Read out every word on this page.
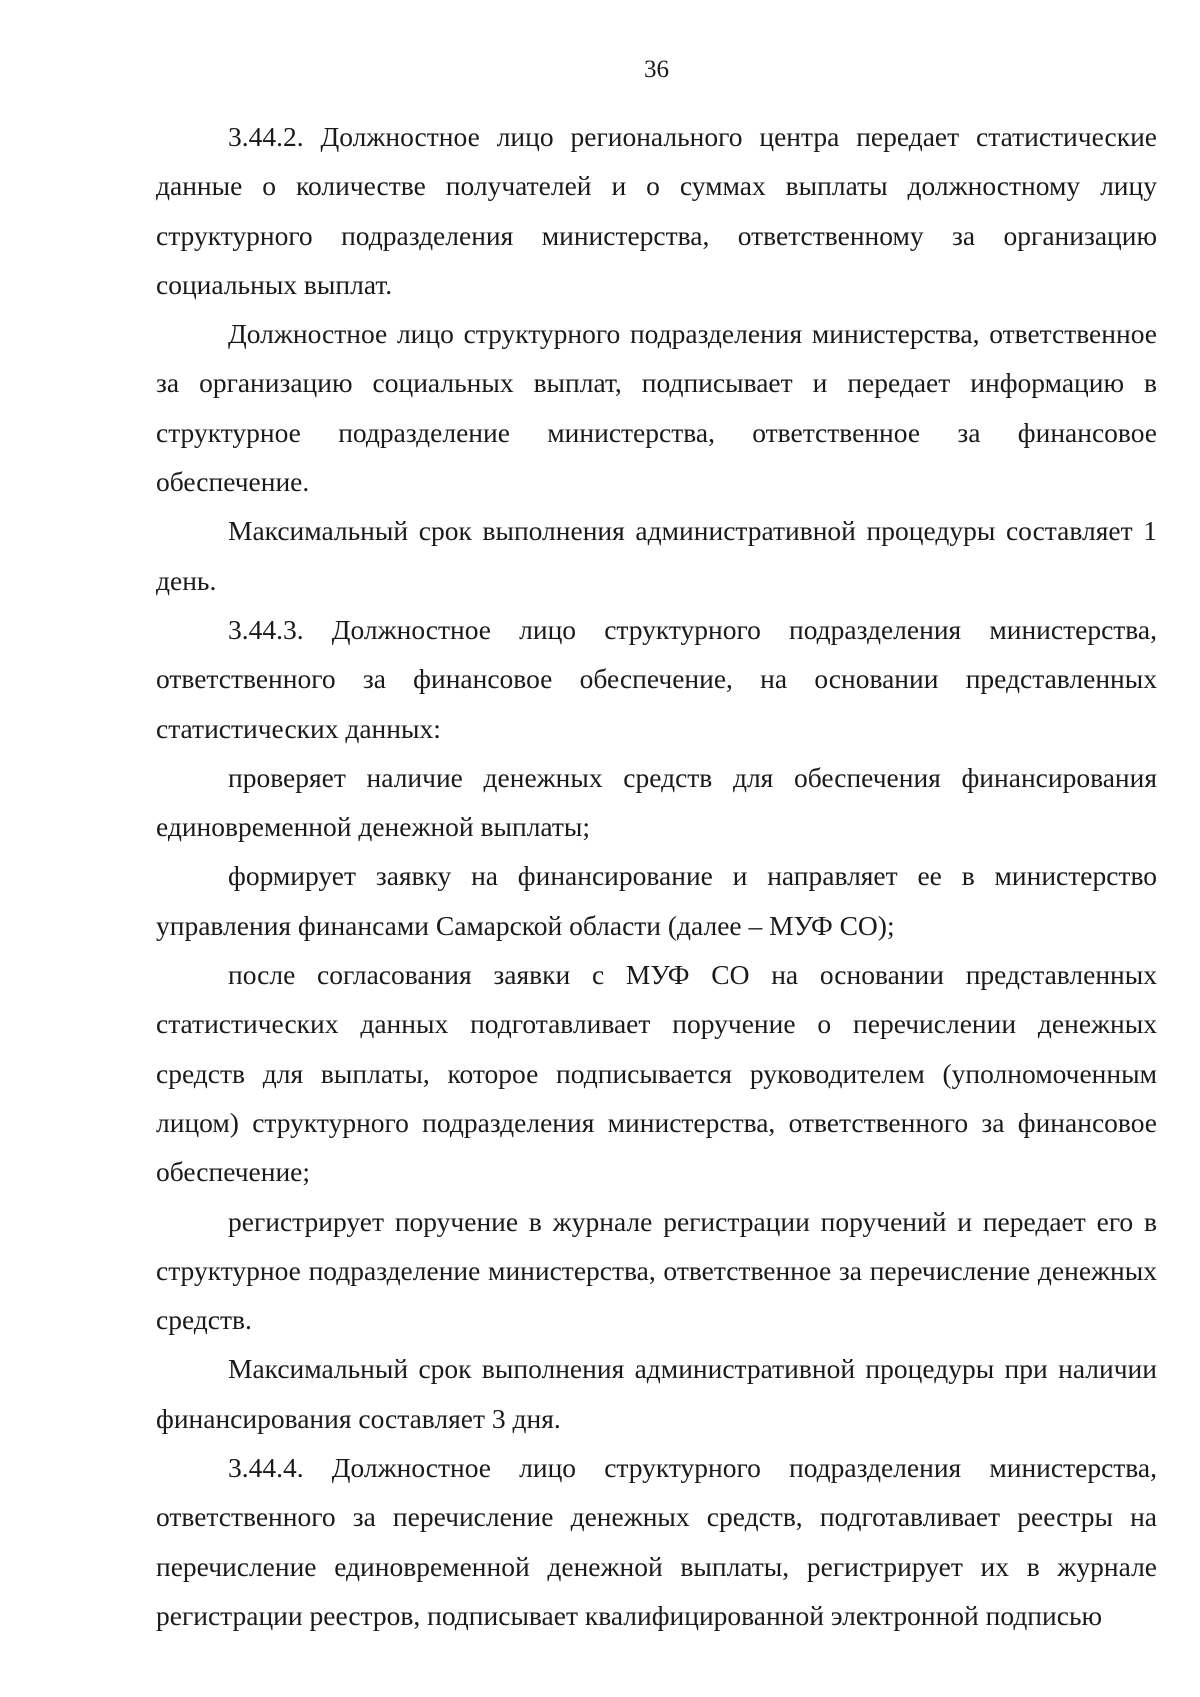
36

3.44.2. Должностное лицо регионального центра передает статистические данные о количестве получателей и о суммах выплаты должностному лицу структурного подразделения министерства, ответственному за организацию социальных выплат.

Должностное лицо структурного подразделения министерства, ответственное за организацию социальных выплат, подписывает и передает информацию в структурное подразделение министерства, ответственное за финансовое обеспечение.

Максимальный срок выполнения административной процедуры составляет 1 день.

3.44.3. Должностное лицо структурного подразделения министерства, ответственного за финансовое обеспечение, на основании представленных статистических данных:

проверяет наличие денежных средств для обеспечения финансирования единовременной денежной выплаты;

формирует заявку на финансирование и направляет ее в министерство управления финансами Самарской области (далее – МУФ СО);

после согласования заявки с МУФ СО на основании представленных статистических данных подготавливает поручение о перечислении денежных средств для выплаты, которое подписывается руководителем (уполномоченным лицом) структурного подразделения министерства, ответственного за финансовое обеспечение;

регистрирует поручение в журнале регистрации поручений и передает его в структурное подразделение министерства, ответственное за перечисление денежных средств.

Максимальный срок выполнения административной процедуры при наличии финансирования составляет 3 дня.

3.44.4. Должностное лицо структурного подразделения министерства, ответственного за перечисление денежных средств, подготавливает реестры на перечисление единовременной денежной выплаты, регистрирует их в журнале регистрации реестров, подписывает квалифицированной электронной подписью
